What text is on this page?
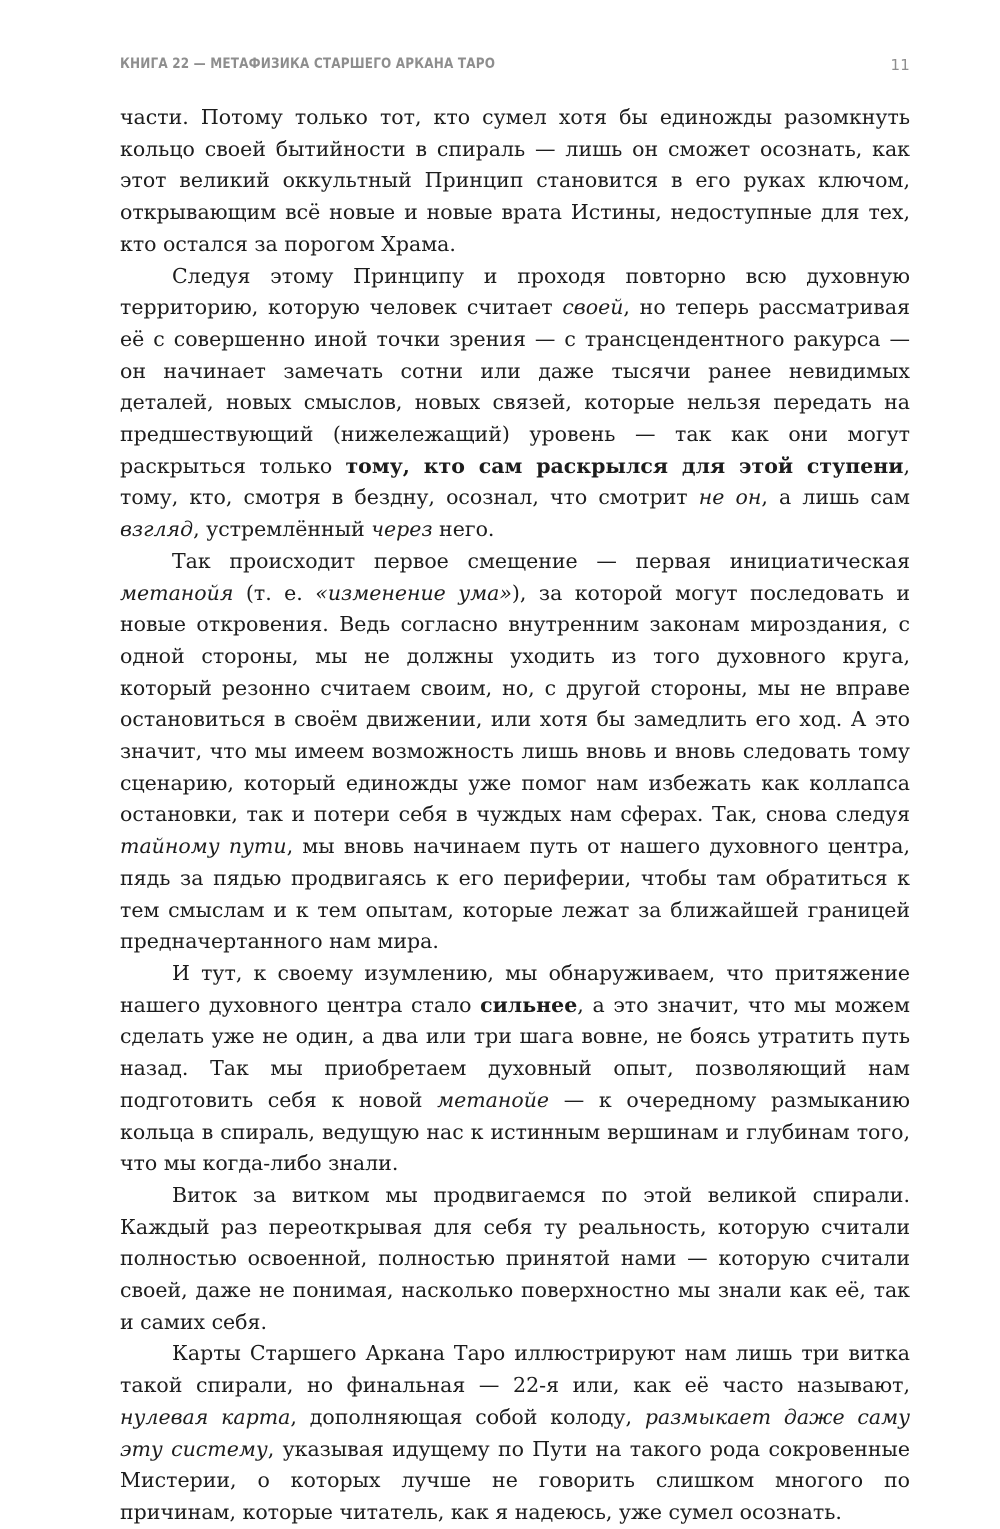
КНИГА 22 — МЕТАФИЗИКА СТАРШЕГО АРКАНА ТАРО	11

части. Потому только тот, кто сумел хотя бы единожды разомкнуть кольцо своей бытийности в спираль — лишь он сможет осознать, как этот великий оккультный Принцип становится в его руках ключом, открывающим всё новые и новые врата Истины, недоступные для тех, кто остался за порогом Храма.

Следуя этому Принципу и проходя повторно всю духовную территорию, которую человек считает своей, но теперь рассматривая её с совершенно иной точки зрения — с трансцендентного ракурса — он начинает замечать сотни или даже тысячи ранее невидимых деталей, новых смыслов, новых связей, которые нельзя передать на предшествующий (нижележащий) уровень — так как они могут раскрыться только тому, кто сам раскрылся для этой ступени, тому, кто, смотря в бездну, осознал, что смотрит не он, а лишь сам взгляд, устремлённый через него.

Так происходит первое смещение — первая инициатическая метанойя (т. е. «изменение ума»), за которой могут последовать и новые откровения. Ведь согласно внутренним законам мироздания, с одной стороны, мы не должны уходить из того духовного круга, который резонно считаем своим, но, с другой стороны, мы не вправе остановиться в своём движении, или хотя бы замедлить его ход. А это значит, что мы имеем возможность лишь вновь и вновь следовать тому сценарию, который единожды уже помог нам избежать как коллапса остановки, так и потери себя в чуждых нам сферах. Так, снова следуя тайному пути, мы вновь начинаем путь от нашего духовного центра, пядь за пядью продвигаясь к его периферии, чтобы там обратиться к тем смыслам и к тем опытам, которые лежат за ближайшей границей предначертанного нам мира.

И тут, к своему изумлению, мы обнаруживаем, что притяжение нашего духовного центра стало сильнее, а это значит, что мы можем сделать уже не один, а два или три шага вовне, не боясь утратить путь назад. Так мы приобретаем духовный опыт, позволяющий нам подготовить себя к новой метанойе — к очередному размыканию кольца в спираль, ведущую нас к истинным вершинам и глубинам того, что мы когда-либо знали.

Виток за витком мы продвигаемся по этой великой спирали. Каждый раз переоткрывая для себя ту реальность, которую считали полностью освоенной, полностью принятой нами — которую считали своей, даже не понимая, насколько поверхностно мы знали как её, так и самих себя.

Карты Старшего Аркана Таро иллюстрируют нам лишь три витка такой спирали, но финальная — 22-я или, как её часто называют, нулевая карта, дополняющая собой колоду, размыкает даже саму эту систему, указывая идущему по Пути на такого рода сокровенные Мистерии, о которых лучше не говорить слишком многого по причинам, которые читатель, как я надеюсь, уже сумел осознать.
